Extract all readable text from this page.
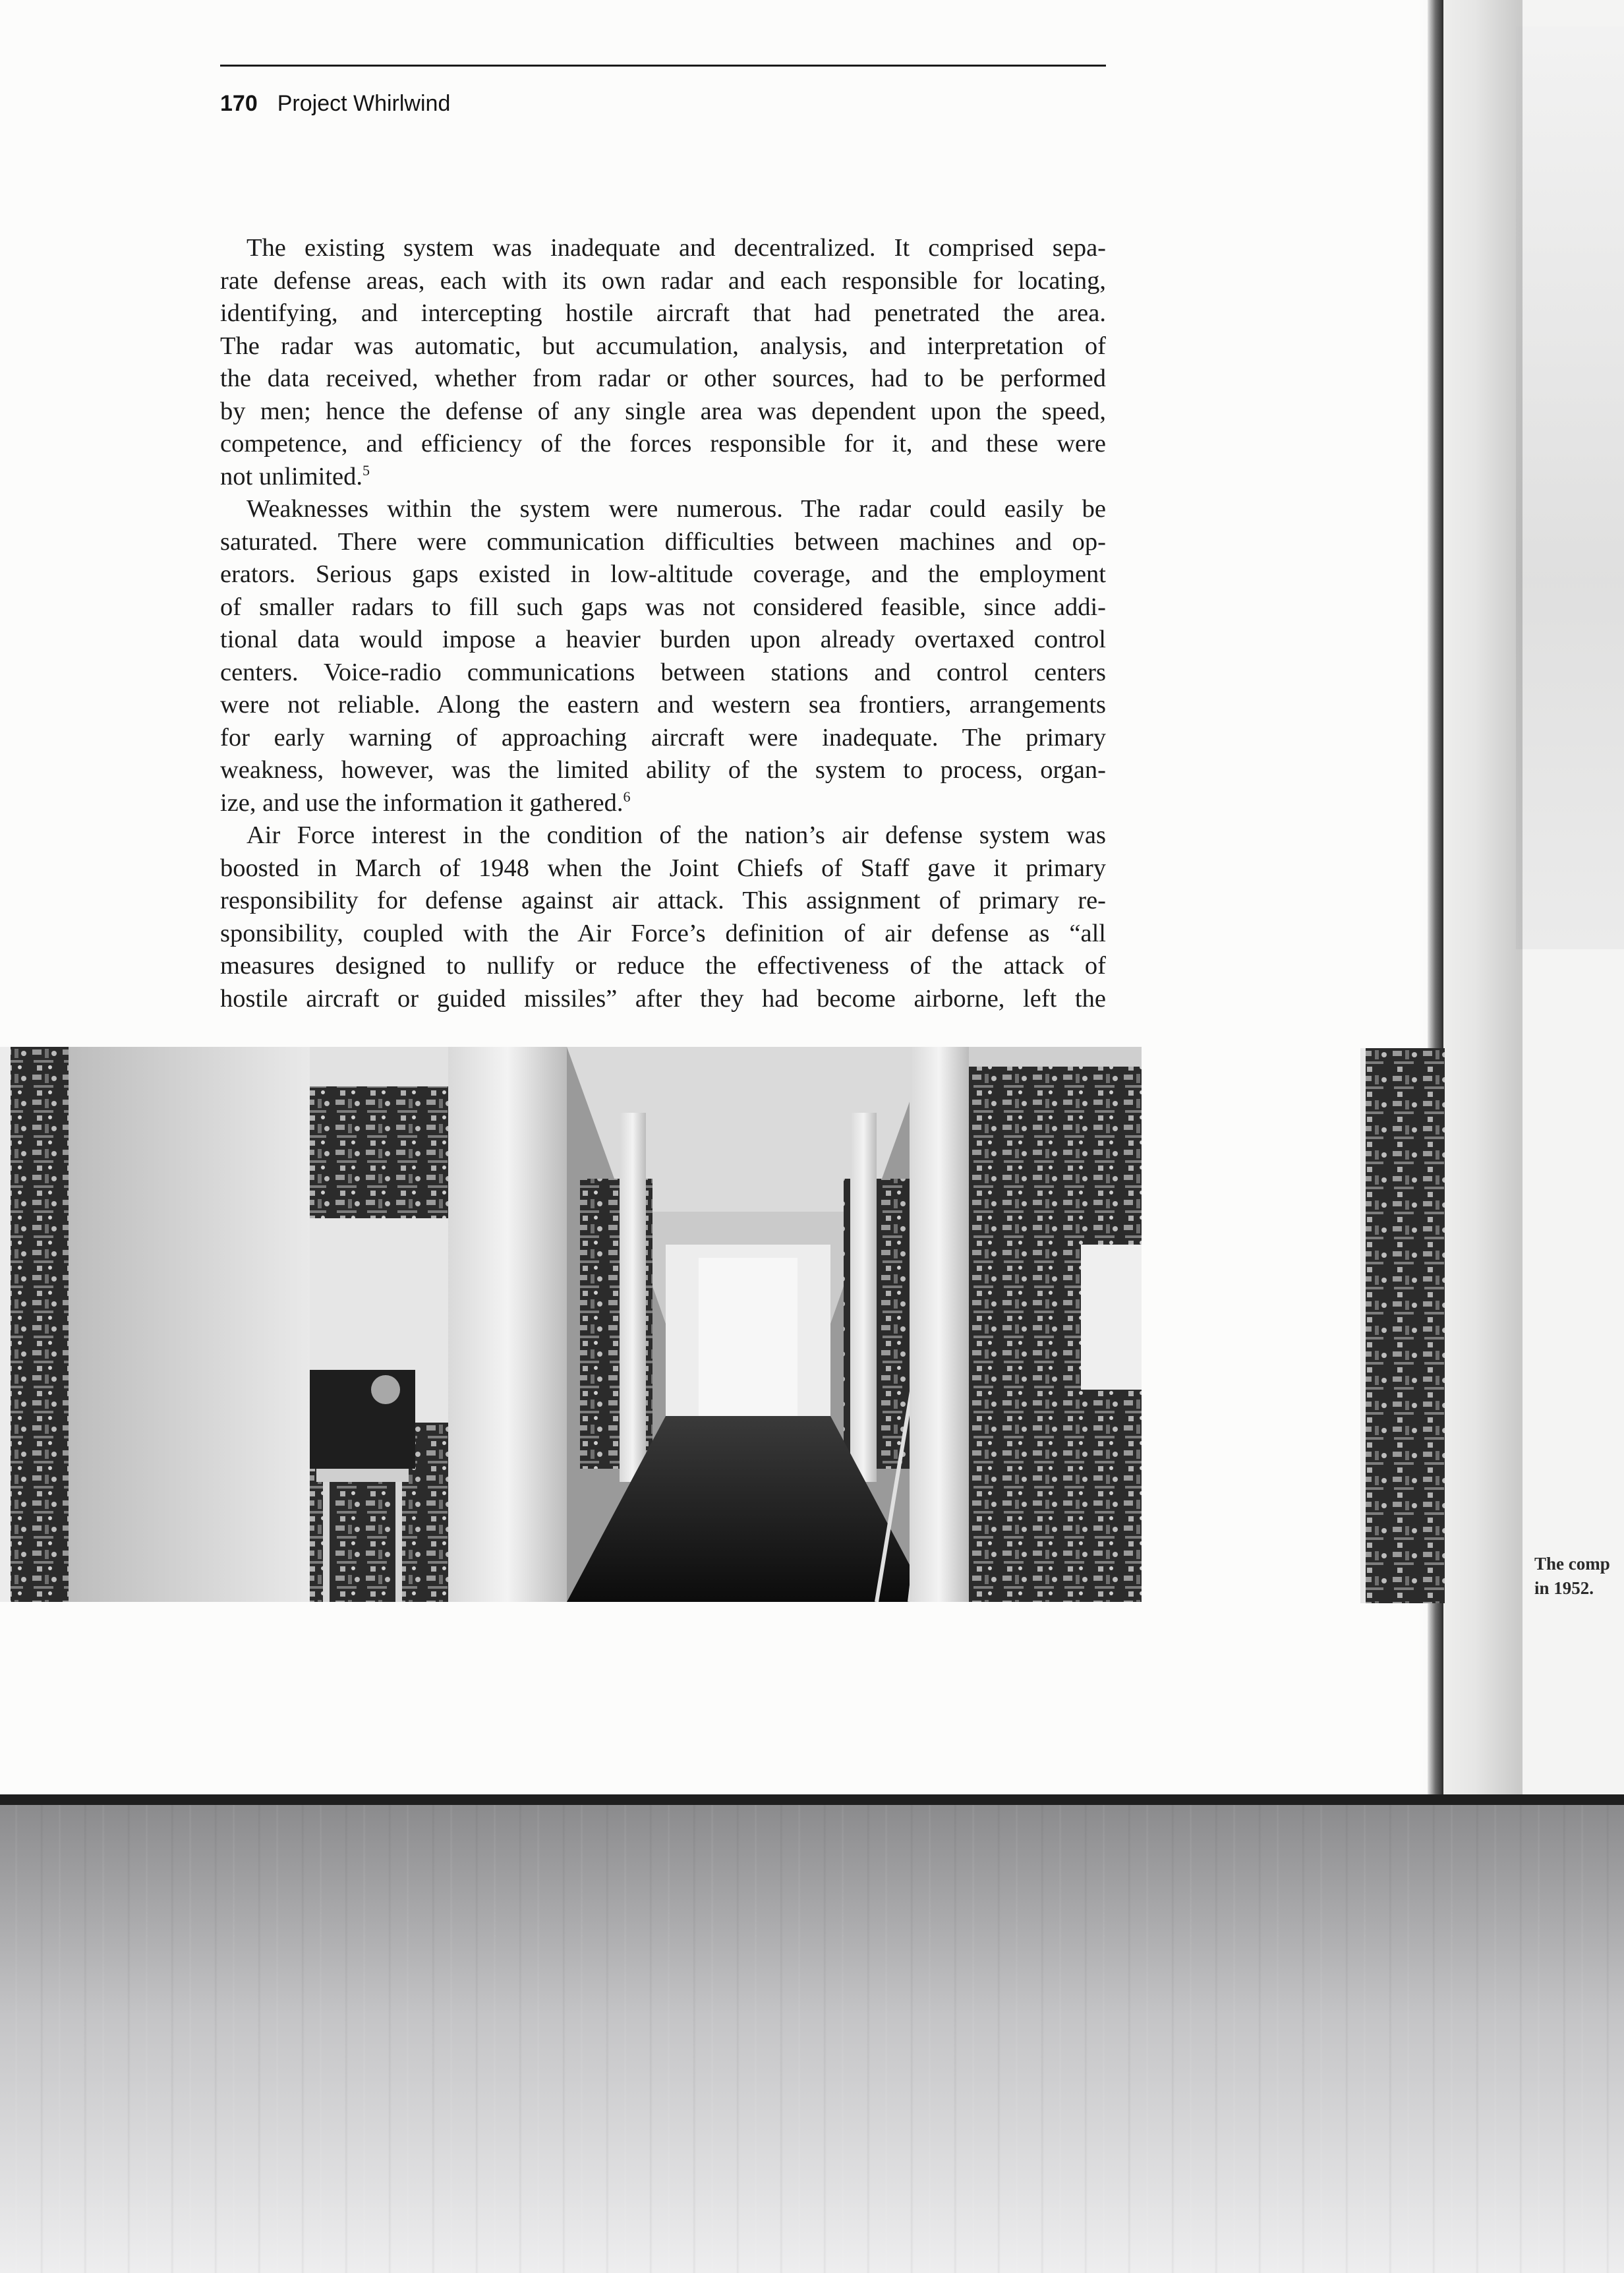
170 Project Whirlwind
The existing system was inadequate and decentralized. It comprised sepa-
rate defense areas, each with its own radar and each responsible for locating,
identifying, and intercepting hostile aircraft that had penetrated the area.
The radar was automatic, but accumulation, analysis, and interpretation of
the data received, whether from radar or other sources, had to be performed
by men; hence the defense of any single area was dependent upon the speed,
competence, and efficiency of the forces responsible for it, and these were
not unlimited.$^5$
Weaknesses within the system were numerous. The radar could easily be
saturated. There were communication difficulties between machines and op-
erators. Serious gaps existed in low-altitude coverage, and the employment
of smaller radars to fill such gaps was not considered feasible, since addi-
tional data would impose a heavier burden upon already overtaxed control
centers. Voice-radio communications between stations and control centers
were not reliable. Along the eastern and western sea frontiers, arrangements
for early warning of approaching aircraft were inadequate. The primary
weakness, however, was the limited ability of the system to process, organ-
ize, and use the information it gathered.$^6$
Air Force interest in the condition of the nation’s air defense system was
boosted in March of 1948 when the Joint Chiefs of Staff gave it primary
responsibility for defense against air attack. This assignment of primary re-
sponsibility, coupled with the Air Force’s definition of air defense as “all
measures designed to nullify or reduce the effectiveness of the attack of
hostile aircraft or guided missiles” after they had become airborne, left the
The comp
in 1952.
